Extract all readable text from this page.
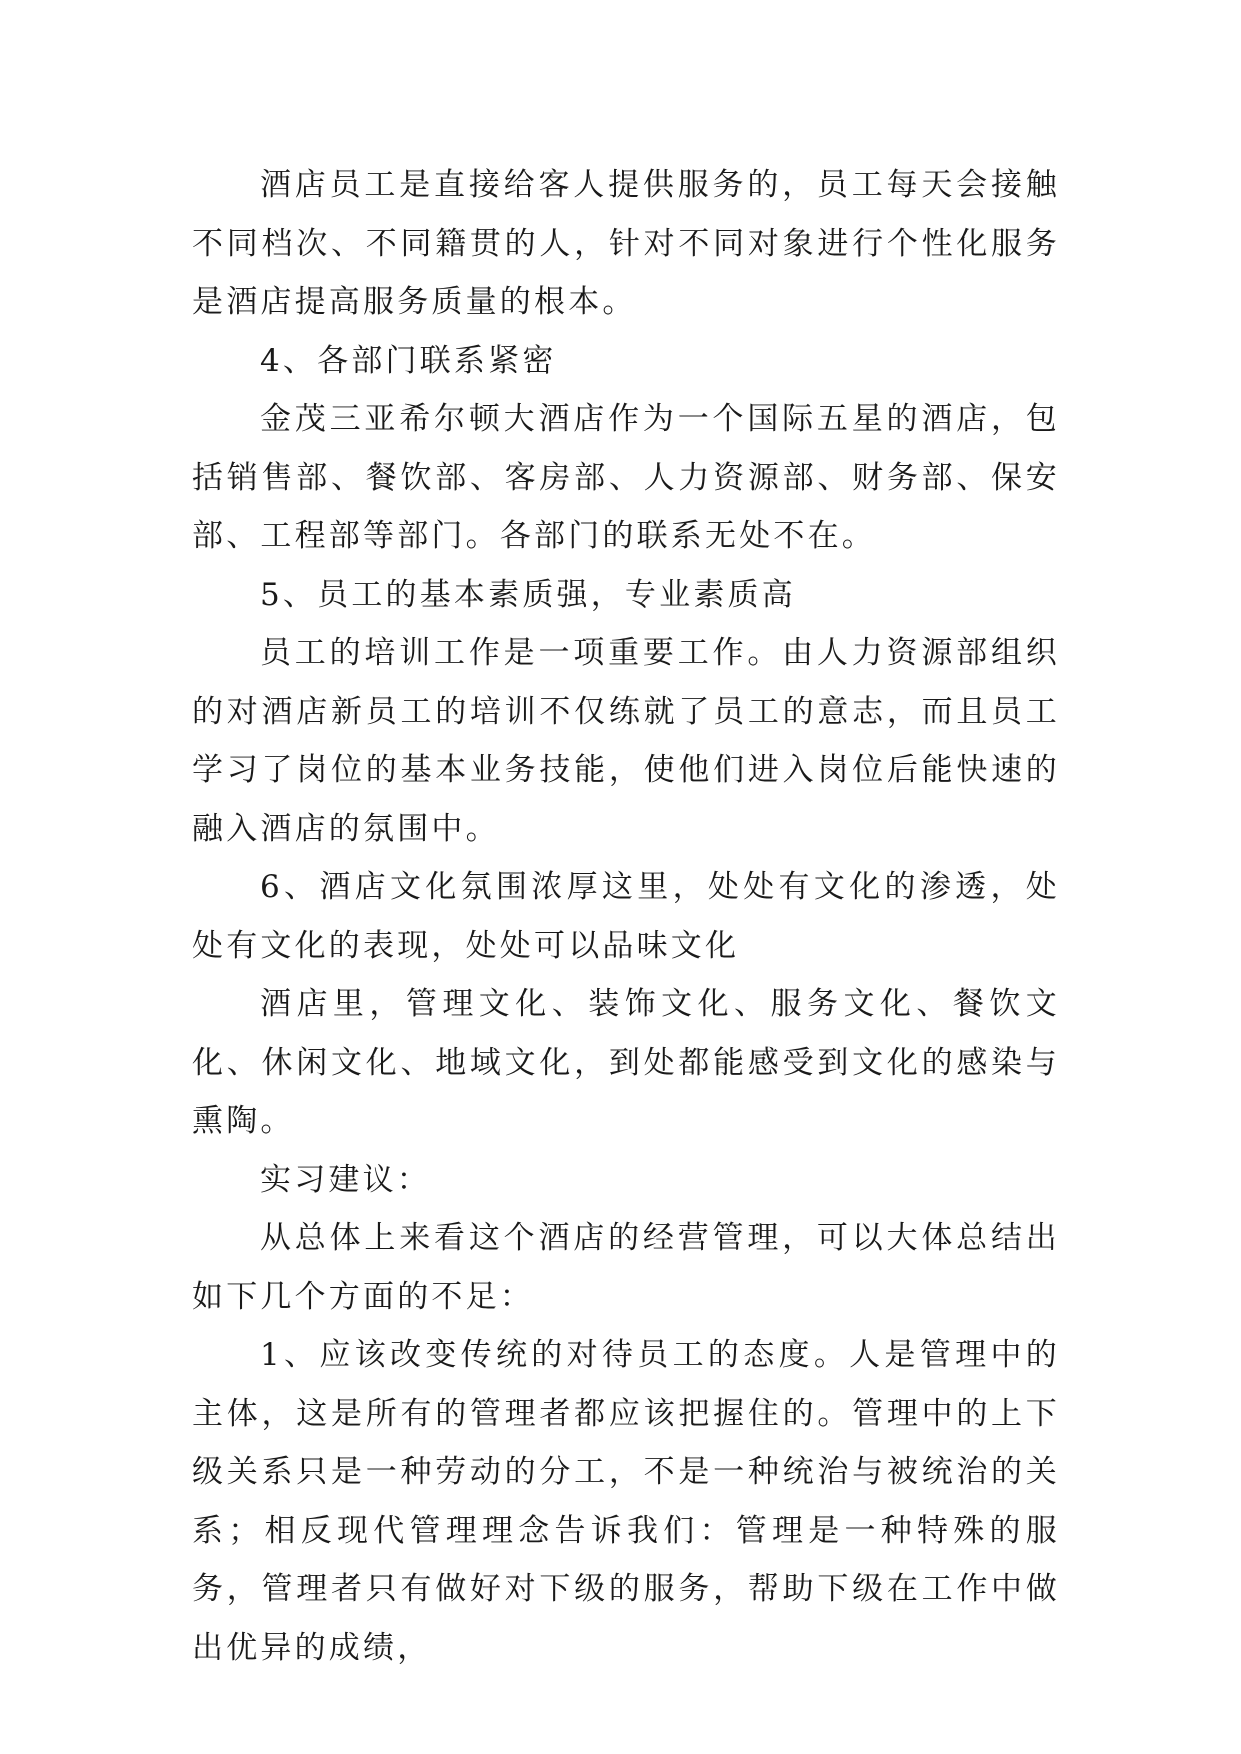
酒店员工是直接给客人提供服务的，员工每天会接触不同档次、不同籍贯的人，针对不同对象进行个性化服务是酒店提高服务质量的根本。

4、各部门联系紧密

金茂三亚希尔顿大酒店作为一个国际五星的酒店，包括销售部、餐饮部、客房部、人力资源部、财务部、保安部、工程部等部门。各部门的联系无处不在。

5、员工的基本素质强，专业素质高

员工的培训工作是一项重要工作。由人力资源部组织的对酒店新员工的培训不仅练就了员工的意志，而且员工学习了岗位的基本业务技能，使他们进入岗位后能快速的融入酒店的氛围中。

6、酒店文化氛围浓厚这里，处处有文化的渗透，处处有文化的表现，处处可以品味文化

酒店里，管理文化、装饰文化、服务文化、餐饮文化、休闲文化、地域文化，到处都能感受到文化的感染与熏陶。

实习建议：

从总体上来看这个酒店的经营管理，可以大体总结出如下几个方面的不足：

1、应该改变传统的对待员工的态度。人是管理中的主体，这是所有的管理者都应该把握住的。管理中的上下级关系只是一种劳动的分工，不是一种统治与被统治的关系；相反现代管理理念告诉我们：管理是一种特殊的服务，管理者只有做好对下级的服务，帮助下级在工作中做出优异的成绩，
